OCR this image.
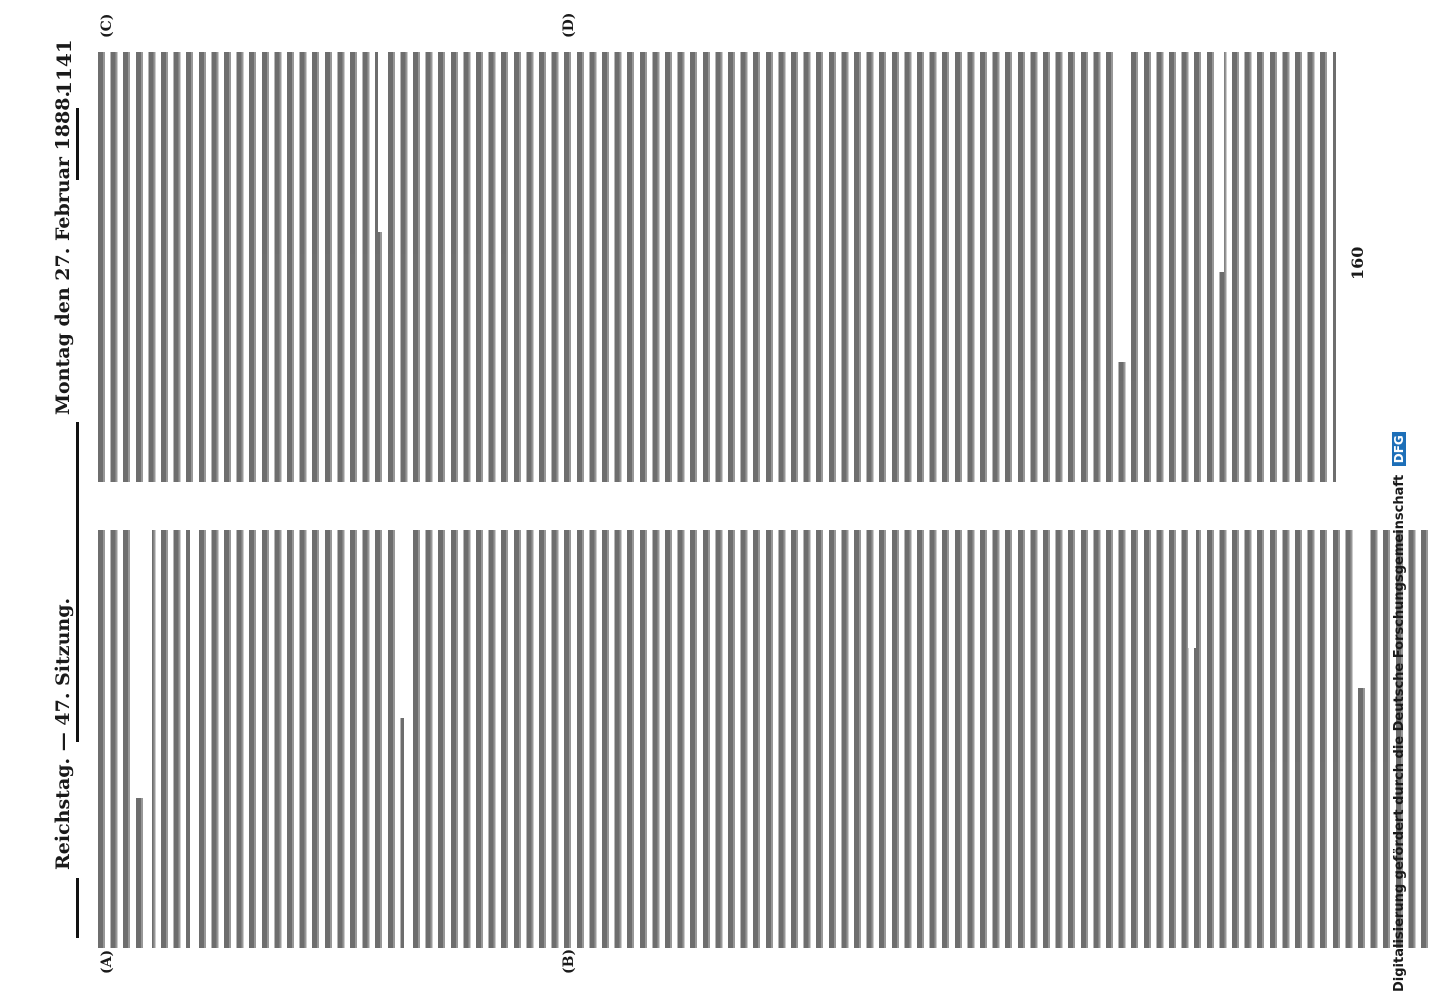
Reichstag. — 47. Sitzung.
Montag den 27. Februar 1888.
1141
(A)	(B)
(C)	(D)
160
Digitalisierung gefördert durch die Deutsche Forschungsgemeinschaft DFG
